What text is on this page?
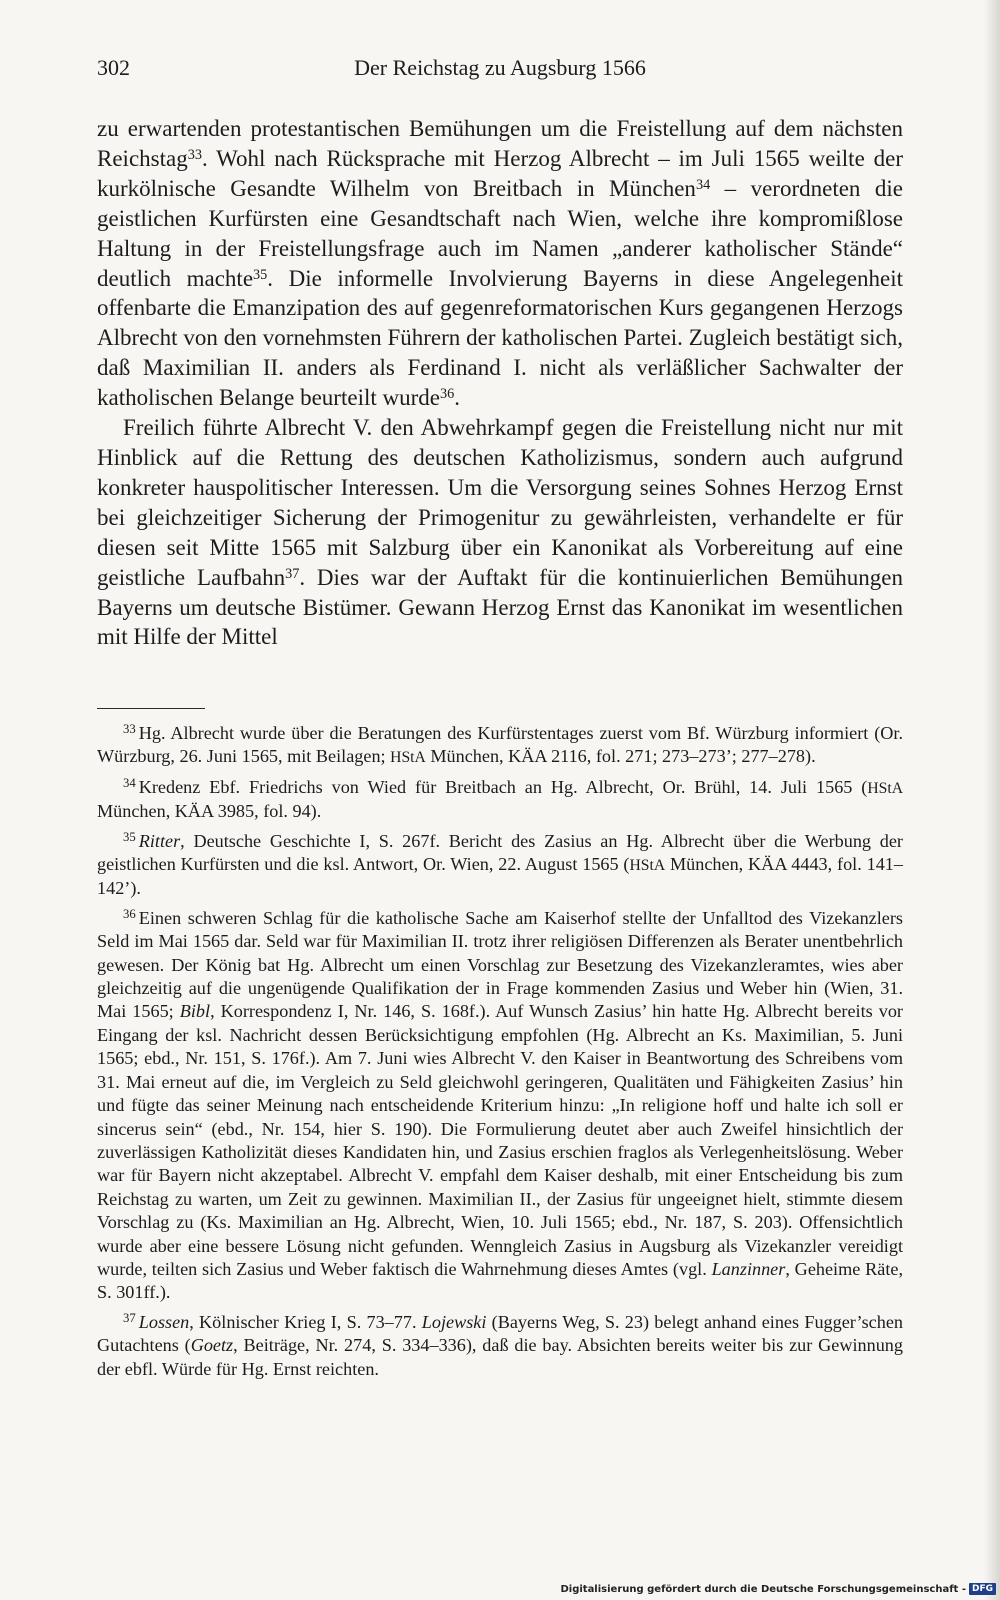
302	Der Reichstag zu Augsburg 1566

zu erwartenden protestantischen Bemühungen um die Freistellung auf dem nächsten Reichstag$^{33}$. Wohl nach Rücksprache mit Herzog Albrecht – im Juli 1565 weilte der kurkölnische Gesandte Wilhelm von Breitbach in München$^{34}$ – verordneten die geistlichen Kurfürsten eine Gesandtschaft nach Wien, welche ihre kompromißlose Haltung in der Freistellungsfrage auch im Namen „anderer katholischer Stände“ deutlich machte$^{35}$. Die informelle Involvierung Bayerns in diese Angelegenheit offenbarte die Emanzipation des auf gegenreformatorischen Kurs gegangenen Herzogs Albrecht von den vornehmsten Führern der katholischen Partei. Zugleich bestätigt sich, daß Maximilian II. anders als Ferdinand I. nicht als verläßlicher Sachwalter der katholischen Belange beurteilt wurde$^{36}$.

Freilich führte Albrecht V. den Abwehrkampf gegen die Freistellung nicht nur mit Hinblick auf die Rettung des deutschen Katholizismus, sondern auch aufgrund konkreter hauspolitischer Interessen. Um die Versorgung seines Sohnes Herzog Ernst bei gleichzeitiger Sicherung der Primogenitur zu gewährleisten, verhandelte er für diesen seit Mitte 1565 mit Salzburg über ein Kanonikat als Vorbereitung auf eine geistliche Laufbahn$^{37}$. Dies war der Auftakt für die kontinuierlichen Bemühungen Bayerns um deutsche Bistümer. Gewann Herzog Ernst das Kanonikat im wesentlichen mit Hilfe der Mittel

$^{33}$ Hg. Albrecht wurde über die Beratungen des Kurfürstentages zuerst vom Bf. Würzburg informiert (Or. Würzburg, 26. Juni 1565, mit Beilagen; HStA München, KÄA 2116, fol. 271; 273–273’; 277–278).

$^{34}$ Kredenz Ebf. Friedrichs von Wied für Breitbach an Hg. Albrecht, Or. Brühl, 14. Juli 1565 (HStA München, KÄA 3985, fol. 94).

$^{35}$ Ritter, Deutsche Geschichte I, S. 267f. Bericht des Zasius an Hg. Albrecht über die Werbung der geistlichen Kurfürsten und die ksl. Antwort, Or. Wien, 22. August 1565 (HStA München, KÄA 4443, fol. 141–142’).

$^{36}$ Einen schweren Schlag für die katholische Sache am Kaiserhof stellte der Unfalltod des Vizekanzlers Seld im Mai 1565 dar. Seld war für Maximilian II. trotz ihrer religiösen Differenzen als Berater unentbehrlich gewesen. Der König bat Hg. Albrecht um einen Vorschlag zur Besetzung des Vizekanzleramtes, wies aber gleichzeitig auf die ungenügende Qualifikation der in Frage kommenden Zasius und Weber hin (Wien, 31. Mai 1565; Bibl, Korrespondenz I, Nr. 146, S. 168f.). Auf Wunsch Zasius’ hin hatte Hg. Albrecht bereits vor Eingang der ksl. Nachricht dessen Berücksichtigung empfohlen (Hg. Albrecht an Ks. Maximilian, 5. Juni 1565; ebd., Nr. 151, S. 176f.). Am 7. Juni wies Albrecht V. den Kaiser in Beantwortung des Schreibens vom 31. Mai erneut auf die, im Vergleich zu Seld gleichwohl geringeren, Qualitäten und Fähigkeiten Zasius’ hin und fügte das seiner Meinung nach entscheidende Kriterium hinzu: „In religione hoff und halte ich soll er sincerus sein“ (ebd., Nr. 154, hier S. 190). Die Formulierung deutet aber auch Zweifel hinsichtlich der zuverlässigen Katholizität dieses Kandidaten hin, und Zasius erschien fraglos als Verlegenheitslösung. Weber war für Bayern nicht akzeptabel. Albrecht V. empfahl dem Kaiser deshalb, mit einer Entscheidung bis zum Reichstag zu warten, um Zeit zu gewinnen. Maximilian II., der Zasius für ungeeignet hielt, stimmte diesem Vorschlag zu (Ks. Maximilian an Hg. Albrecht, Wien, 10. Juli 1565; ebd., Nr. 187, S. 203). Offensichtlich wurde aber eine bessere Lösung nicht gefunden. Wenngleich Zasius in Augsburg als Vizekanzler vereidigt wurde, teilten sich Zasius und Weber faktisch die Wahrnehmung dieses Amtes (vgl. Lanzinner, Geheime Räte, S. 301ff.).

$^{37}$ Lossen, Kölnischer Krieg I, S. 73–77. Lojewski (Bayerns Weg, S. 23) belegt anhand eines Fugger’schen Gutachtens (Goetz, Beiträge, Nr. 274, S. 334–336), daß die bay. Absichten bereits weiter bis zur Gewinnung der ebfl. Würde für Hg. Ernst reichten.

Digitalisierung gefördert durch die Deutsche Forschungsgemeinschaft - DFG
